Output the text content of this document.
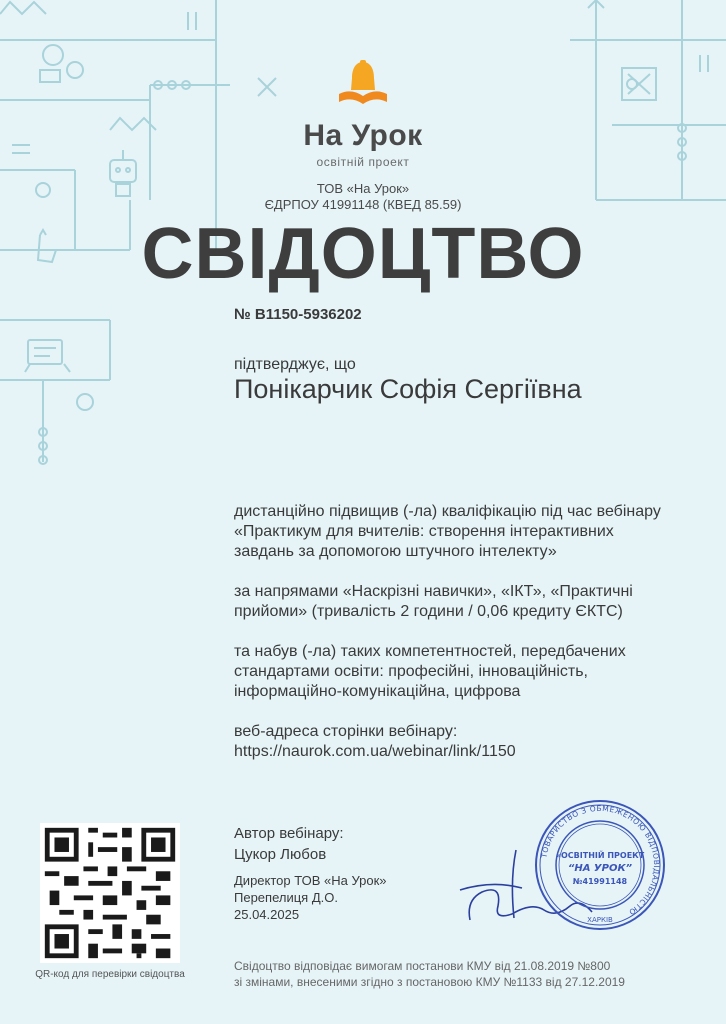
На Урок
освітній проект
ТОВ «На Урок»
ЄДРПОУ 41991148 (КВЕД 85.59)
СВІДОЦТВО
№ В1150-5936202
підтверджує, що
Понікарчик Софія Сергіївна

дистанційно підвищив (-ла) кваліфікацію під час вебінару «Практикум для вчителів: створення інтерактивних завдань за допомогою штучного інтелекту»

за напрямами «Наскрізні навички», «ІКТ», «Практичні прийоми» (тривалість 2 години / 0,06 кредиту ЄКТС)

та набув (-ла) таких компетентностей, передбачених стандартами освіти: професійні, інноваційність, інформаційно-комунікаційна, цифрова

веб-адреса сторінки вебінару: https://naurok.com.ua/webinar/link/1150

Автор вебінару:
Цукор Любов
Директор ТОВ «На Урок»
Перепелиця Д.О.
25.04.2025
Свідоцтво відповідає вимогам постанови КМУ від 21.08.2019 №800
зі змінами, внесеними згідно з постановою КМУ №1133 від 27.12.2019
QR-код для перевірки свідоцтва
ТОВАРИСТВО З ОБМЕЖЕНОЮ ВІДПОВІДАЛЬНІСТЮ
ХАРКІВ
«ОСВІТНІЙ ПРОЕКТ
“НА УРОК”
№41991148
